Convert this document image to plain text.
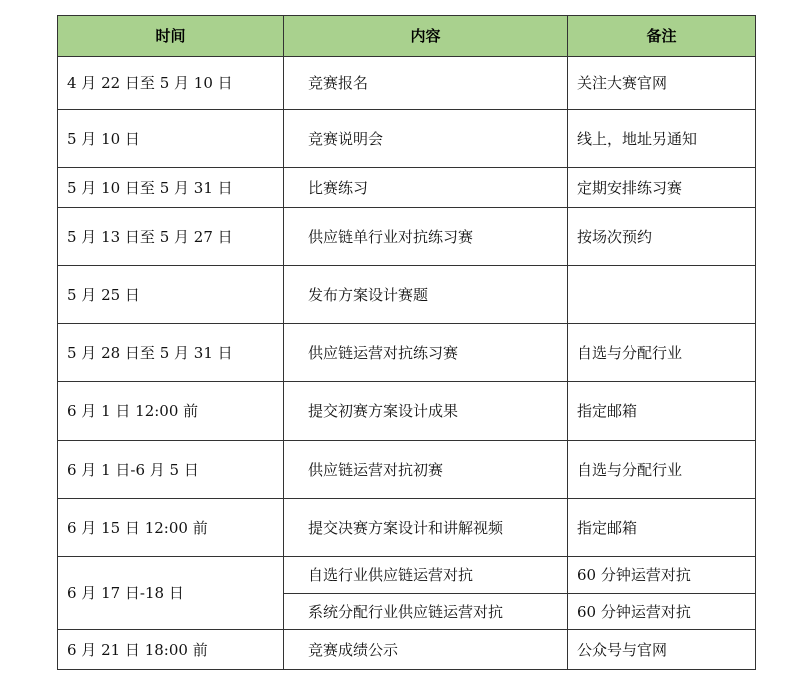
时间	内容	备注
4 月 22 日至 5 月 10 日	竞赛报名	关注大赛官网
5 月 10 日	竞赛说明会	线上，地址另通知
5 月 10 日至 5 月 31 日	比赛练习	定期安排练习赛
5 月 13 日至 5 月 27 日	供应链单行业对抗练习赛	按场次预约
5 月 25 日	发布方案设计赛题	
5 月 28 日至 5 月 31 日	供应链运营对抗练习赛	自选与分配行业
6 月 1 日 12:00 前	提交初赛方案设计成果	指定邮箱
6 月 1 日-6 月 5 日	供应链运营对抗初赛	自选与分配行业
6 月 15 日 12:00 前	提交决赛方案设计和讲解视频	指定邮箱
6 月 17 日-18 日	自选行业供应链运营对抗	60 分钟运营对抗
	系统分配行业供应链运营对抗	60 分钟运营对抗
6 月 21 日 18:00 前	竞赛成绩公示	公众号与官网
